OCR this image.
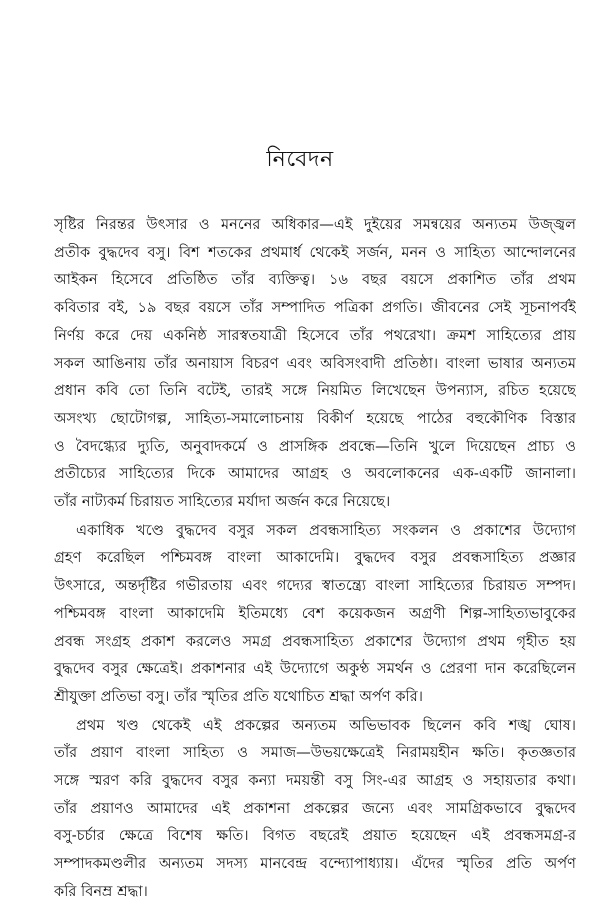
নিবেদন

সৃষ্টির নিরন্তর উৎসার ও মননের অধিকার—এই দুইয়ের সমন্বয়ের অন্যতম উজ্জ্বল
প্রতীক বুদ্ধদেব বসু। বিশ শতকের প্রথমার্ধ থেকেই সর্জন, মনন ও সাহিত্য আন্দোলনের
আইকন হিসেবে প্রতিষ্ঠিত তাঁর ব্যক্তিত্ব। ১৬ বছর বয়সে প্রকাশিত তাঁর প্রথম
কবিতার বই, ১৯ বছর বয়সে তাঁর সম্পাদিত পত্রিকা প্রগতি। জীবনের সেই সূচনাপর্বই
নির্ণয় করে দেয় একনিষ্ঠ সারস্বতযাত্রী হিসেবে তাঁর পথরেখা। ক্রমশ সাহিত্যের প্রায়
সকল আঙিনায় তাঁর অনায়াস বিচরণ এবং অবিসংবাদী প্রতিষ্ঠা। বাংলা ভাষার অন্যতম
প্রধান কবি তো তিনি বটেই, তারই সঙ্গে নিয়মিত লিখেছেন উপন্যাস, রচিত হয়েছে
অসংখ্য ছোটোগল্প, সাহিত্য-সমালোচনায় বিকীর্ণ হয়েছে পাঠের বহুকৌণিক বিস্তার
ও বৈদগ্ধ্যের দ্যুতি, অনুবাদকর্মে ও প্রাসঙ্গিক প্রবন্ধে—তিনি খুলে দিয়েছেন প্রাচ্য ও
প্রতীচ্যের সাহিত্যের দিকে আমাদের আগ্রহ ও অবলোকনের এক-একটি জানালা।
তাঁর নাট্যকর্ম চিরায়ত সাহিত্যের মর্যাদা অর্জন করে নিয়েছে।

একাধিক খণ্ডে বুদ্ধদেব বসুর সকল প্রবন্ধসাহিত্য সংকলন ও প্রকাশের উদ্যোগ
গ্রহণ করেছিল পশ্চিমবঙ্গ বাংলা আকাদেমি। বুদ্ধদেব বসুর প্রবন্ধসাহিত্য প্রজ্ঞার
উৎসারে, অন্তর্দৃষ্টির গভীরতায় এবং গদ্যের স্বাতন্ত্র্যে বাংলা সাহিত্যের চিরায়ত সম্পদ।
পশ্চিমবঙ্গ বাংলা আকাদেমি ইতিমধ্যে বেশ কয়েকজন অগ্রণী শিল্প-সাহিত্যভাবুকের
প্রবন্ধ সংগ্রহ প্রকাশ করলেও সমগ্র প্রবন্ধসাহিত্য প্রকাশের উদ্যোগ প্রথম গৃহীত হয়
বুদ্ধদেব বসুর ক্ষেত্রেই। প্রকাশনার এই উদ্যোগে অকুণ্ঠ সমর্থন ও প্রেরণা দান করেছিলেন
শ্রীযুক্তা প্রতিভা বসু। তাঁর স্মৃতির প্রতি যথোচিত শ্রদ্ধা অর্পণ করি।

প্রথম খণ্ড থেকেই এই প্রকল্পের অন্যতম অভিভাবক ছিলেন কবি শঙ্খ ঘোষ।
তাঁর প্রয়াণ বাংলা সাহিত্য ও সমাজ—উভয়ক্ষেত্রেই নিরাময়হীন ক্ষতি। কৃতজ্ঞতার
সঙ্গে স্মরণ করি বুদ্ধদেব বসুর কন্যা দময়ন্তী বসু সিং-এর আগ্রহ ও সহায়তার কথা।
তাঁর প্রয়াণও আমাদের এই প্রকাশনা প্রকল্পের জন্যে এবং সামগ্রিকভাবে বুদ্ধদেব
বসু-চর্চার ক্ষেত্রে বিশেষ ক্ষতি। বিগত বছরেই প্রয়াত হয়েছেন এই প্রবন্ধসমগ্র-র
সম্পাদকমণ্ডলীর অন্যতম সদস্য মানবেন্দ্র বন্দ্যোপাধ্যায়। এঁদের স্মৃতির প্রতি অর্পণ
করি বিনম্র শ্রদ্ধা।
